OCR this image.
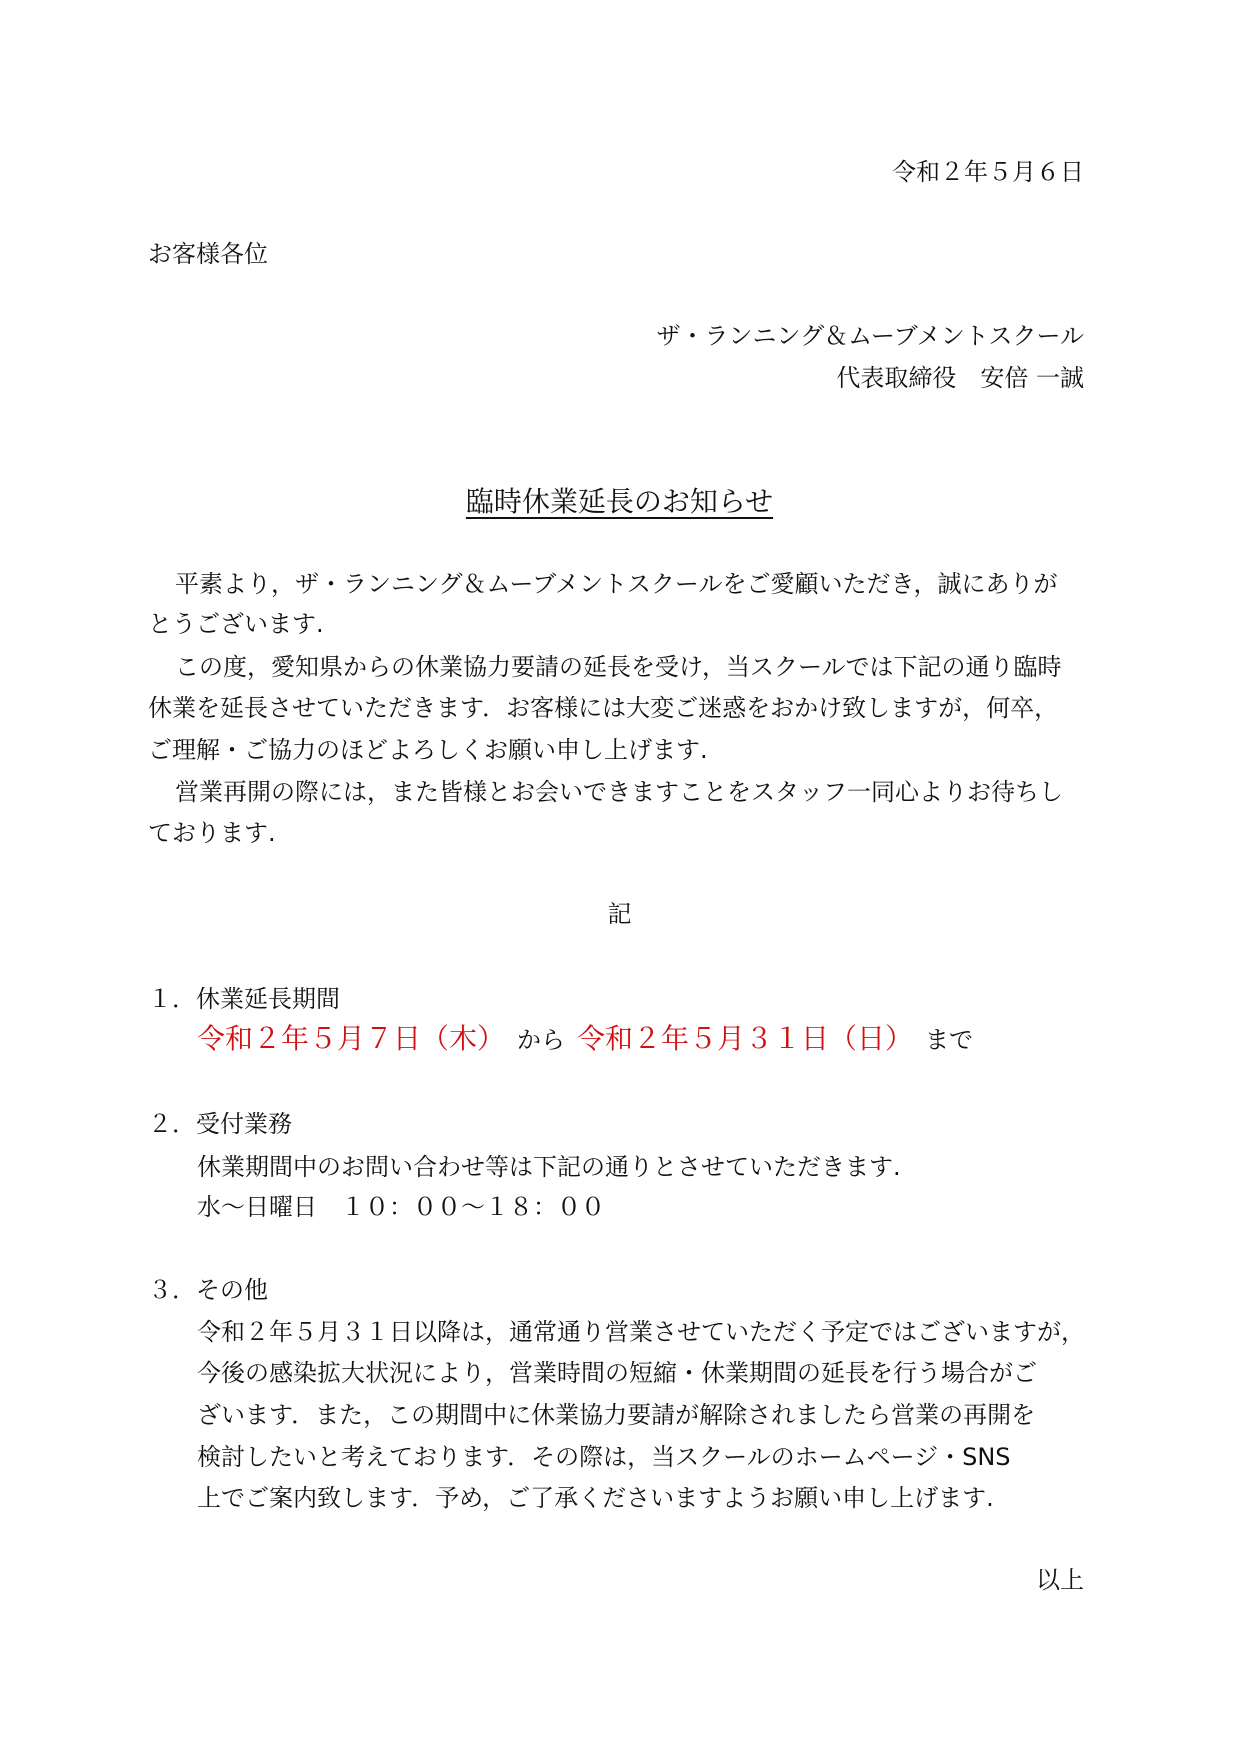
令和２年５月６日
お客様各位
ザ・ランニング＆ムーブメントスクール
代表取締役　安倍 一誠
臨時休業延長のお知らせ
平素より，ザ・ランニング＆ムーブメントスクールをご愛顧いただき，誠にありが
とうございます.
この度，愛知県からの休業協力要請の延長を受け，当スクールでは下記の通り臨時
休業を延長させていただきます．お客様には大変ご迷惑をおかけ致しますが，何卒，
ご理解・ご協力のほどよろしくお願い申し上げます.
営業再開の際には，また皆様とお会いできますことをスタッフ一同心よりお待ちし
ております.
記
１．休業延長期間
令和２年５月７日（木） から 令和２年５月３１日（日） まで
２．受付業務
休業期間中のお問い合わせ等は下記の通りとさせていただきます.
水〜日曜日　１０：００〜１８：００
３．その他
令和２年５月３１日以降は，通常通り営業させていただく予定ではございますが，
今後の感染拡大状況により，営業時間の短縮・休業期間の延長を行う場合がご
ざいます．また，この期間中に休業協力要請が解除されましたら営業の再開を
検討したいと考えております．その際は，当スクールのホームページ・SNS
上でご案内致します．予め，ご了承くださいますようお願い申し上げます.
以上
